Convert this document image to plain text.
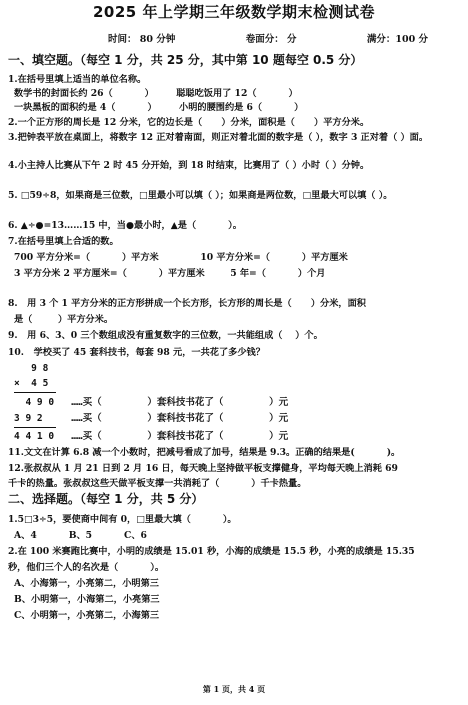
2025 年上学期三年级数学期末检测试卷
时间： 80 分钟	卷面分： 分	满分：100 分
一、填空题。（每空 1 分，共 25 分，其中第 10 题每空 0.5 分）
1.在括号里填上适当的单位名称。
数学书的封面长约 26（          ）       聪聪吃饭用了 12（          ）
一块黑板的面积约是 4（          ）       小明的腰围约是 6（          ）
2.一个正方形的周长是 12 分米，它的边长是（      ）分米，面积是（      ）平方分米。
3.把钟表平放在桌面上，将数字 12 正对着南面，则正对着北面的数字是（ ），数字 3 正对着（ ）面。
4.小主持人比赛从下午 2 时 45 分开始，到 18 时结束，比赛用了（ ）小时（ ）分钟。
5. □59÷8，如果商是三位数，□里最小可以填（ ）；如果商是两位数，□里最大可以填（ ）。
6. ▲÷●=13……15 中，当●最小时，▲是（          ）。
7.在括号里填上合适的数。
700 平方分米=（          ）平方米             10 平方分米=（          ）平方厘米
3 平方分米 2 平方厘米=（          ）平方厘米        5 年=（          ）个月
8.   用 3 个 1 平方分米的正方形拼成一个长方形，长方形的周长是（      ）分米，面积
是（        ）平方分米。
9.   用 6、3、0 三个数组成没有重复数字的三位数，一共能组成（    ）个。
10.   学校买了 45 套科技书，每套 98 元，一共花了多少钱？
9 8
×  4 5
4 9 0   ……买（        ）套科技书花了（        ）元
3 9 2     ……买（        ）套科技书花了（        ）元
4 4 1 0   ……买（        ）套科技书花了（        ）元
11.文文在计算 6.8 减一个小数时，把减号看成了加号，结果是 9.3。正确的结果是(          )。
12.张叔叔从 1 月 21 日到 2 月 16 日，每天晚上坚持做平板支撑健身，平均每天晚上消耗 69
千卡的热量。张叔叔这些天做平板支撑一共消耗了（          ）千卡热量。
二、选择题。（每空 1 分，共 5 分）
1.5□3÷5，要使商中间有 0，□里最大填（          ）。
A、4          B、5          C、6
2.在 100 米赛跑比赛中，小明的成绩是 15.01 秒，小海的成绩是 15.5 秒，小亮的成绩是 15.35
秒，他们三个人的名次是（          ）。
A、小海第一，小亮第二，小明第三
B、小明第一，小海第二，小亮第三
C、小明第一，小亮第二，小海第三
第 1 页，共 4 页
